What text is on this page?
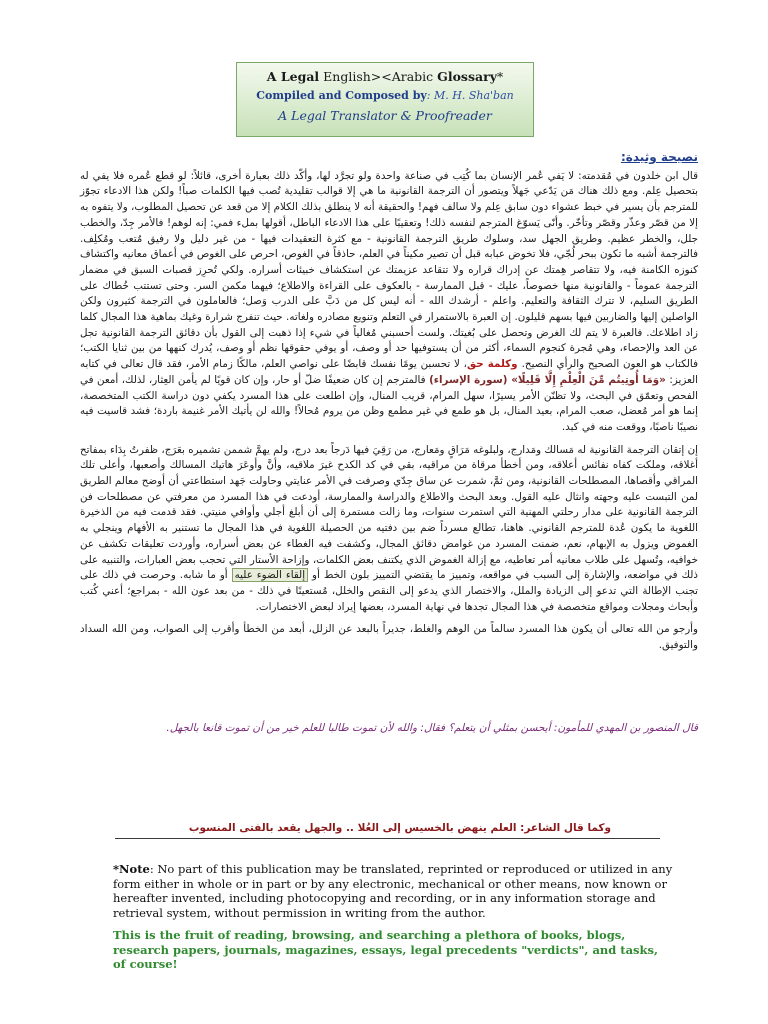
A Legal English><Arabic Glossary*
Compiled and Composed by: M. H. Sha'ban
A Legal Translator & Proofreader
نصيحة وثيدة:

قال ابن خلدون في مُقدمته: لا يَفي عُمر الإنسان بما كُتِب في صناعة واحدة ولو تجرَّد لها، وأكّد ذلك بعبارة أخرى، قائلاً: لو قطع عُمره فلا يفي له بتحصيل عِلم. ومع ذلك هناك مَن يَدّعي جَهلاً ويتصور أن الترجمة القانونية ما هي إلا قوالب تقليدية تُصب فيها الكلمات صباً! ولكن هذا الادعاء تجوّز للمترجم بأن يسير في خبط عشواء دون سابق عِلم ولا سالف فهم! والحقيقة أنه لا ينطلق بذلك الكلام إلا من قعد عن تحصيل المطلوب، ولا يتفوه به إلا من قصّر وعذّر وقصّر وتأخّر. وأنّى يَسوّغ المترجم لنفسه ذلك! وتعقيبًا على هذا الادعاء الباطل، أقولها بملء فمي: إنه لوهم! فالأمر جِدّ، والخطب جلل، والخطر عظيم. وطريق الجهل سد، وسلوك طريق الترجمة القانونية - مع كثرة التعقيدات فيها - من غير دليل ولا رفيق مُتعب ومُكلِف. فالترجمة أشبه ما تكون ببحر لُجّي، فلا تخوض عبابه قبل أن تصير مكيناً في العلم، حاذقاً في الغوص، احرص على الغوص في أعماق معانيه واكتشاف كنوزه الكامنة فيه، ولا تتقاصر هِمتك عن إدراك قراره ولا تتقاعد عزيمتك عن استكشاف خبيئات أسراره. ولكي تُحرِز قصبات السبق في مضمار الترجمة عموماً - والقانونية منها خصوصاً، عليك - قبل الممارسة - بالعكوف على القراءة والاطلاع؛ فيهما مكمن السر. وحتى تستتب خُطاك على الطريق السليم، لا تترك الثقافة والتعليم. واعلم - أرشدك الله - أنه ليس كل من دَبَّ على الدرب وَصل؛ فالعاملون في الترجمة كثيرون ولكن الواصلين إليها والضاربين فيها بسهم قليلون. إن العبرة بالاستمرار في التعلم وتنويع مصادره ولغاته. حيث تنفرج شرارة وغيك بماهية هذا المجال كلما زاد اطلاعك. فالعبرة لا يتم لك الغرض وتحصل على بُغيتك. ولست أحسبني مُغالياً في شيء إذا ذهبت إلى القول بأن دقائق الترجمة القانونية تجل عن العد والإحصاء، وهي مُجرة كنجوم السماء، أكثر من أن يستوفيها حد أو وصف، أو يوفي حقوقها نظم أو وصف، يُدرك كنهها من بين ثنايا الكتب؛ فالكتاب هو العون الصحيح والرأي النصيح. وكلمة حق، لا تحسبن يومًا نفسك قابضًا على نواصي العلم، مالكًا زمام الأمر، فقد قال تعالى في كتابه العزيز: «وَمَا أُوتِيتُم مِّنَ الْعِلْمِ إِلَّا قَلِيلًا» (سورة الإسراء) فالمترجم إن كان ضعيفًا ضلّ أو حار، وإن كان قويًا لم يأمن العِثار، لذلك، أمعن في الفحص وتعمّق في البحث، ولا تظنّن الأمر يسيرًا، سهل المرام، قريب المنال، وإن اطلعت على هذا المسرد يكفي دون دراسة الكتب المتخصصة، إنما هو أمر مُعضل، صعب المرام، بعيد المنال، بل هو طمع في غير مطمع وظن من يروم مُحالاً! والله لن يأتيك الأمر غنيمة باردة؛ فشد قاسيت فيه نصيبًا ناصبًا، ووقعت منه في كبد.

إن إتقان الترجمة القانونية له مَسالك ومَدارج، ولبلوغه مَرَاقٍ ومَعارج، من رَقِيَ فيها دَرجاً بعد درج، ولم يهمَّ شممن تشميره بعَرَج، ظفرتُ بِدَاء بمفاتح أغلاقه، وملكت كفاه نفائس أعلاقه، ومن أخطأ مرقاة من مراقيه، بقي في كد الكدح غيرَ ملاقيه، وأنَّ وأوعَرَ هاتيك المسالك وأصعبها، وأعلى تلك المراقي وأقصاها، المصطلحات القانونية، ومن ثمَّ، شمرت عن ساق جِدّي وصرفت في الأمر عنايتي وحاولت جَهد استطاعتي أن أوضح معالم الطريق لمن التبست عليه وجهته وانثال عليه القول. وبعد البحث والاطلاع والدراسة والممارسة، أودعت في هذا المسرد من معرفتي عن مصطلحات فن الترجمة القانونية على مدار رحلتي المهنية التي استمرت سنوات، وما زالت مستمرة إلى أن أبلغ أجلي وأوافي منيتي. فقد قدمت فيه من الذخيرة اللغوية ما يكون عُدة للمترجم القانوني. هاهنا، تطالع مسرداً ضم بين دفتيه من الحصيلة اللغوية في هذا المجال ما تستنير به الأفهام وينجلي به الغموض ويزول به الإبهام، نعم، ضمنت المسرد من غوامض دقائق المجال، وكشفت فيه الغطاء عن بعض أسراره، وأوردت تعليقات تكشف عن خوافيه، وتُسهل على طلاب معانيه أمر تعاطيه، مع إزالة الغموض الذي يكتنف بعض الكلمات، وإزاحة الأستار التي تحجب بعض العبارات، والتنبيه على ذلك في مواضعه، والإشارة إلى السبب في مواقعه، وتمييز ما يقتضي التمييز بلون الخط أو إلقاء الضوء عليه أو ما شابه. وحرصت في ذلك على تجنب الإطالة التي تدعو إلى الزيادة والملل، والاختصار الذي يدعو إلى النقص والخلل، مُستعينًا في ذلك - من بعد عون الله - بمراجع؛ أعني كُتب وأبحاث ومجلات ومواقع متخصصة في هذا المجال تجدها في نهاية المسرد، بعضها إيراد لبعض الاختصارات.

وأرجو من الله تعالى أن يكون هذا المسرد سالماً من الوهم والغلط، جديراً بالبعد عن الزلل، أبعد من الخطأ وأقرب إلى الصواب، ومن الله السداد والتوفيق.

قال المنصور بن المهدي للمأمون: أيحسن بمثلي أن يتعلم؟ فقال: والله لأن تموت طالبا للعلم خير من أن تموت قانعا بالجهل.
وكما قال الشاعر: العلم ينهض بالخسيس إلى العُلا .. والجهل يقعد بالفتى المنسوب
*Note: No part of this publication may be translated, reprinted or reproduced or utilized in any form either in whole or in part or by any electronic, mechanical or other means, now known or hereafter invented, including photocopying and recording, or in any information storage and retrieval system, without permission in writing from the author.
This is the fruit of reading, browsing, and searching a plethora of books, blogs, research papers, journals, magazines, essays, legal precedents "verdicts", and tasks, of course!
